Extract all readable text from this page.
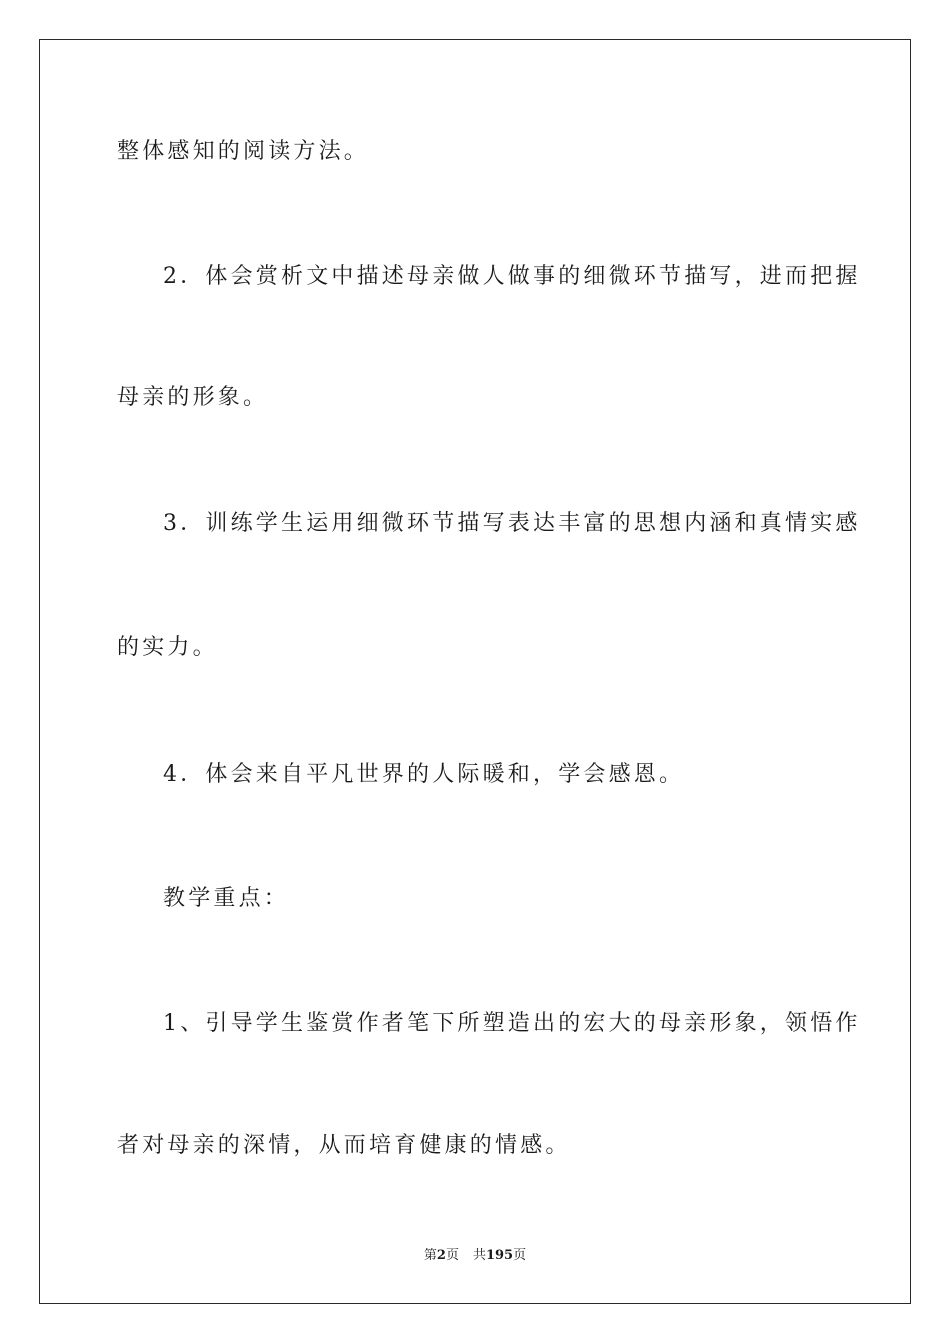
整体感知的阅读方法。
2．体会赏析文中描述母亲做人做事的细微环节描写，进而把握
母亲的形象。
3．训练学生运用细微环节描写表达丰富的思想内涵和真情实感
的实力。
4．体会来自平凡世界的人际暖和，学会感恩。
教学重点：
1、引导学生鉴赏作者笔下所塑造出的宏大的母亲形象，领悟作
者对母亲的深情，从而培育健康的情感。
第2页 共195页
